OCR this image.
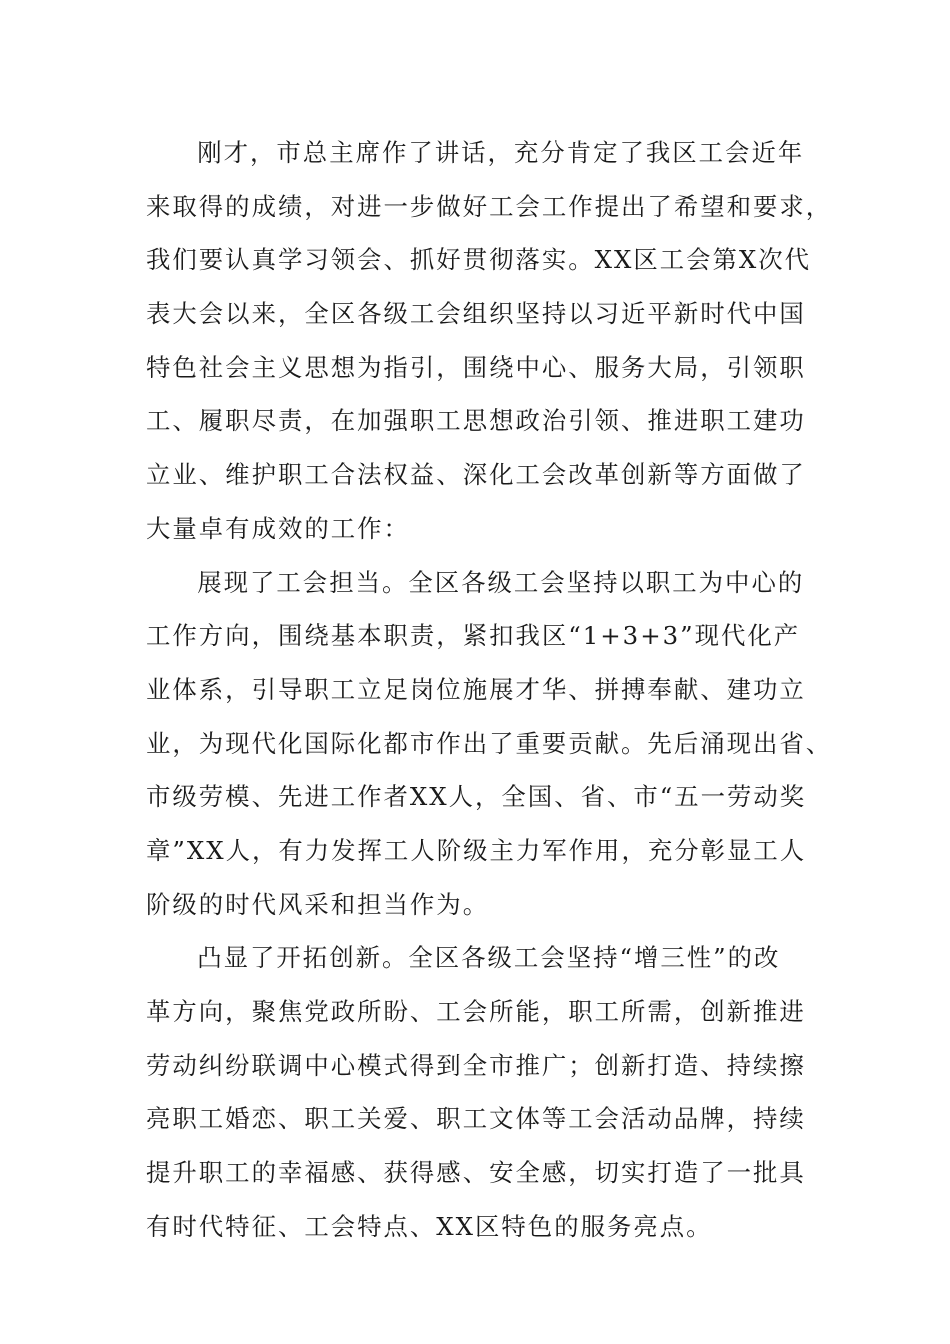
刚才，市总主席作了讲话，充分肯定了我区工会近年
来取得的成绩，对进一步做好工会工作提出了希望和要求，
我们要认真学习领会、抓好贯彻落实。XX区工会第X次代
表大会以来，全区各级工会组织坚持以习近平新时代中国
特色社会主义思想为指引，围绕中心、服务大局，引领职
工、履职尽责，在加强职工思想政治引领、推进职工建功
立业、维护职工合法权益、深化工会改革创新等方面做了
大量卓有成效的工作：

展现了工会担当。全区各级工会坚持以职工为中心的
工作方向，围绕基本职责，紧扣我区“1+3+3”现代化产
业体系，引导职工立足岗位施展才华、拼搏奉献、建功立
业，为现代化国际化都市作出了重要贡献。先后涌现出省、
市级劳模、先进工作者XX人，全国、省、市“五一劳动奖
章”XX人，有力发挥工人阶级主力军作用，充分彰显工人
阶级的时代风采和担当作为。

凸显了开拓创新。全区各级工会坚持“增三性”的改
革方向，聚焦党政所盼、工会所能，职工所需，创新推进
劳动纠纷联调中心模式得到全市推广；创新打造、持续擦
亮职工婚恋、职工关爱、职工文体等工会活动品牌，持续
提升职工的幸福感、获得感、安全感，切实打造了一批具
有时代特征、工会特点、XX区特色的服务亮点。
